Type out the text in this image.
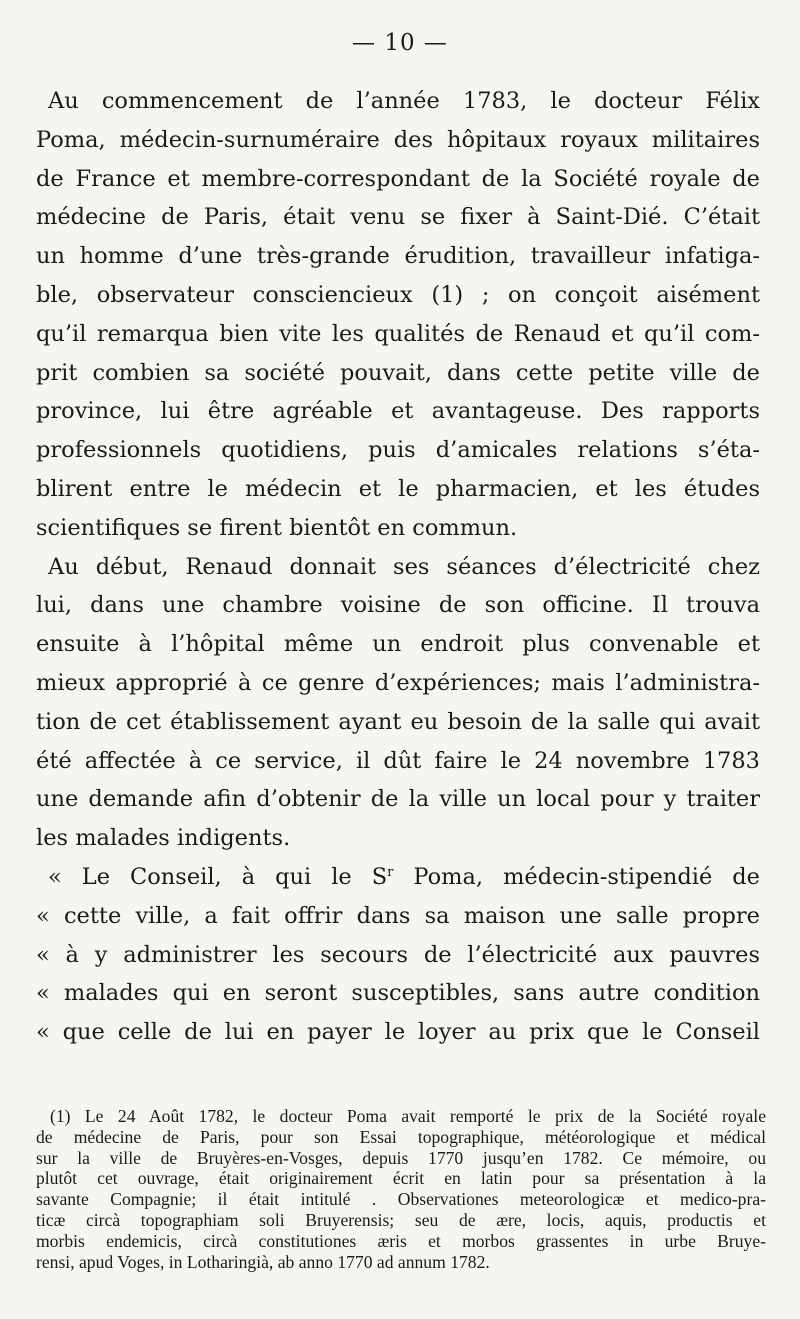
— 10 —
Au commencement de l’année 1783, le docteur Félix
Poma, médecin-surnuméraire des hôpitaux royaux militaires
de France et membre-correspondant de la Société royale de
médecine de Paris, était venu se fixer à Saint-Dié. C’était
un homme d’une très-grande érudition, travailleur infatiga-
ble, observateur consciencieux (1) ; on conçoit aisément
qu’il remarqua bien vite les qualités de Renaud et qu’il com-
prit combien sa société pouvait, dans cette petite ville de
province, lui être agréable et avantageuse. Des rapports
professionnels quotidiens, puis d’amicales relations s’éta-
blirent entre le médecin et le pharmacien, et les études
scientifiques se firent bientôt en commun.
Au début, Renaud donnait ses séances d’électricité chez
lui, dans une chambre voisine de son officine. Il trouva
ensuite à l’hôpital même un endroit plus convenable et
mieux approprié à ce genre d’expériences; mais l’administra-
tion de cet établissement ayant eu besoin de la salle qui avait
été affectée à ce service, il dût faire le 24 novembre 1783
une demande afin d’obtenir de la ville un local pour y traiter
les malades indigents.
« Le Conseil, à qui le $S^r$ Poma, médecin-stipendié de
« cette ville, a fait offrir dans sa maison une salle propre
« à y administrer les secours de l’électricité aux pauvres
« malades qui en seront susceptibles, sans autre condition
« que celle de lui en payer le loyer au prix que le Conseil
(1) Le 24 Août 1782, le docteur Poma avait remporté le prix de la Société royale
de médecine de Paris, pour son Essai topographique, météorologique et médical
sur la ville de Bruyères-en-Vosges, depuis 1770 jusqu’en 1782. Ce mémoire, ou
plutôt cet ouvrage, était originairement écrit en latin pour sa présentation à la
savante Compagnie; il était intitulé . Observationes meteorologicæ et medico-pra-
ticæ circà topographiam soli Bruyerensis; seu de ære, locis, aquis, productis et
morbis endemicis, circà constitutiones æris et morbos grassentes in urbe Bruye-
rensi, apud Voges, in Lotharingià, ab anno 1770 ad annum 1782.
